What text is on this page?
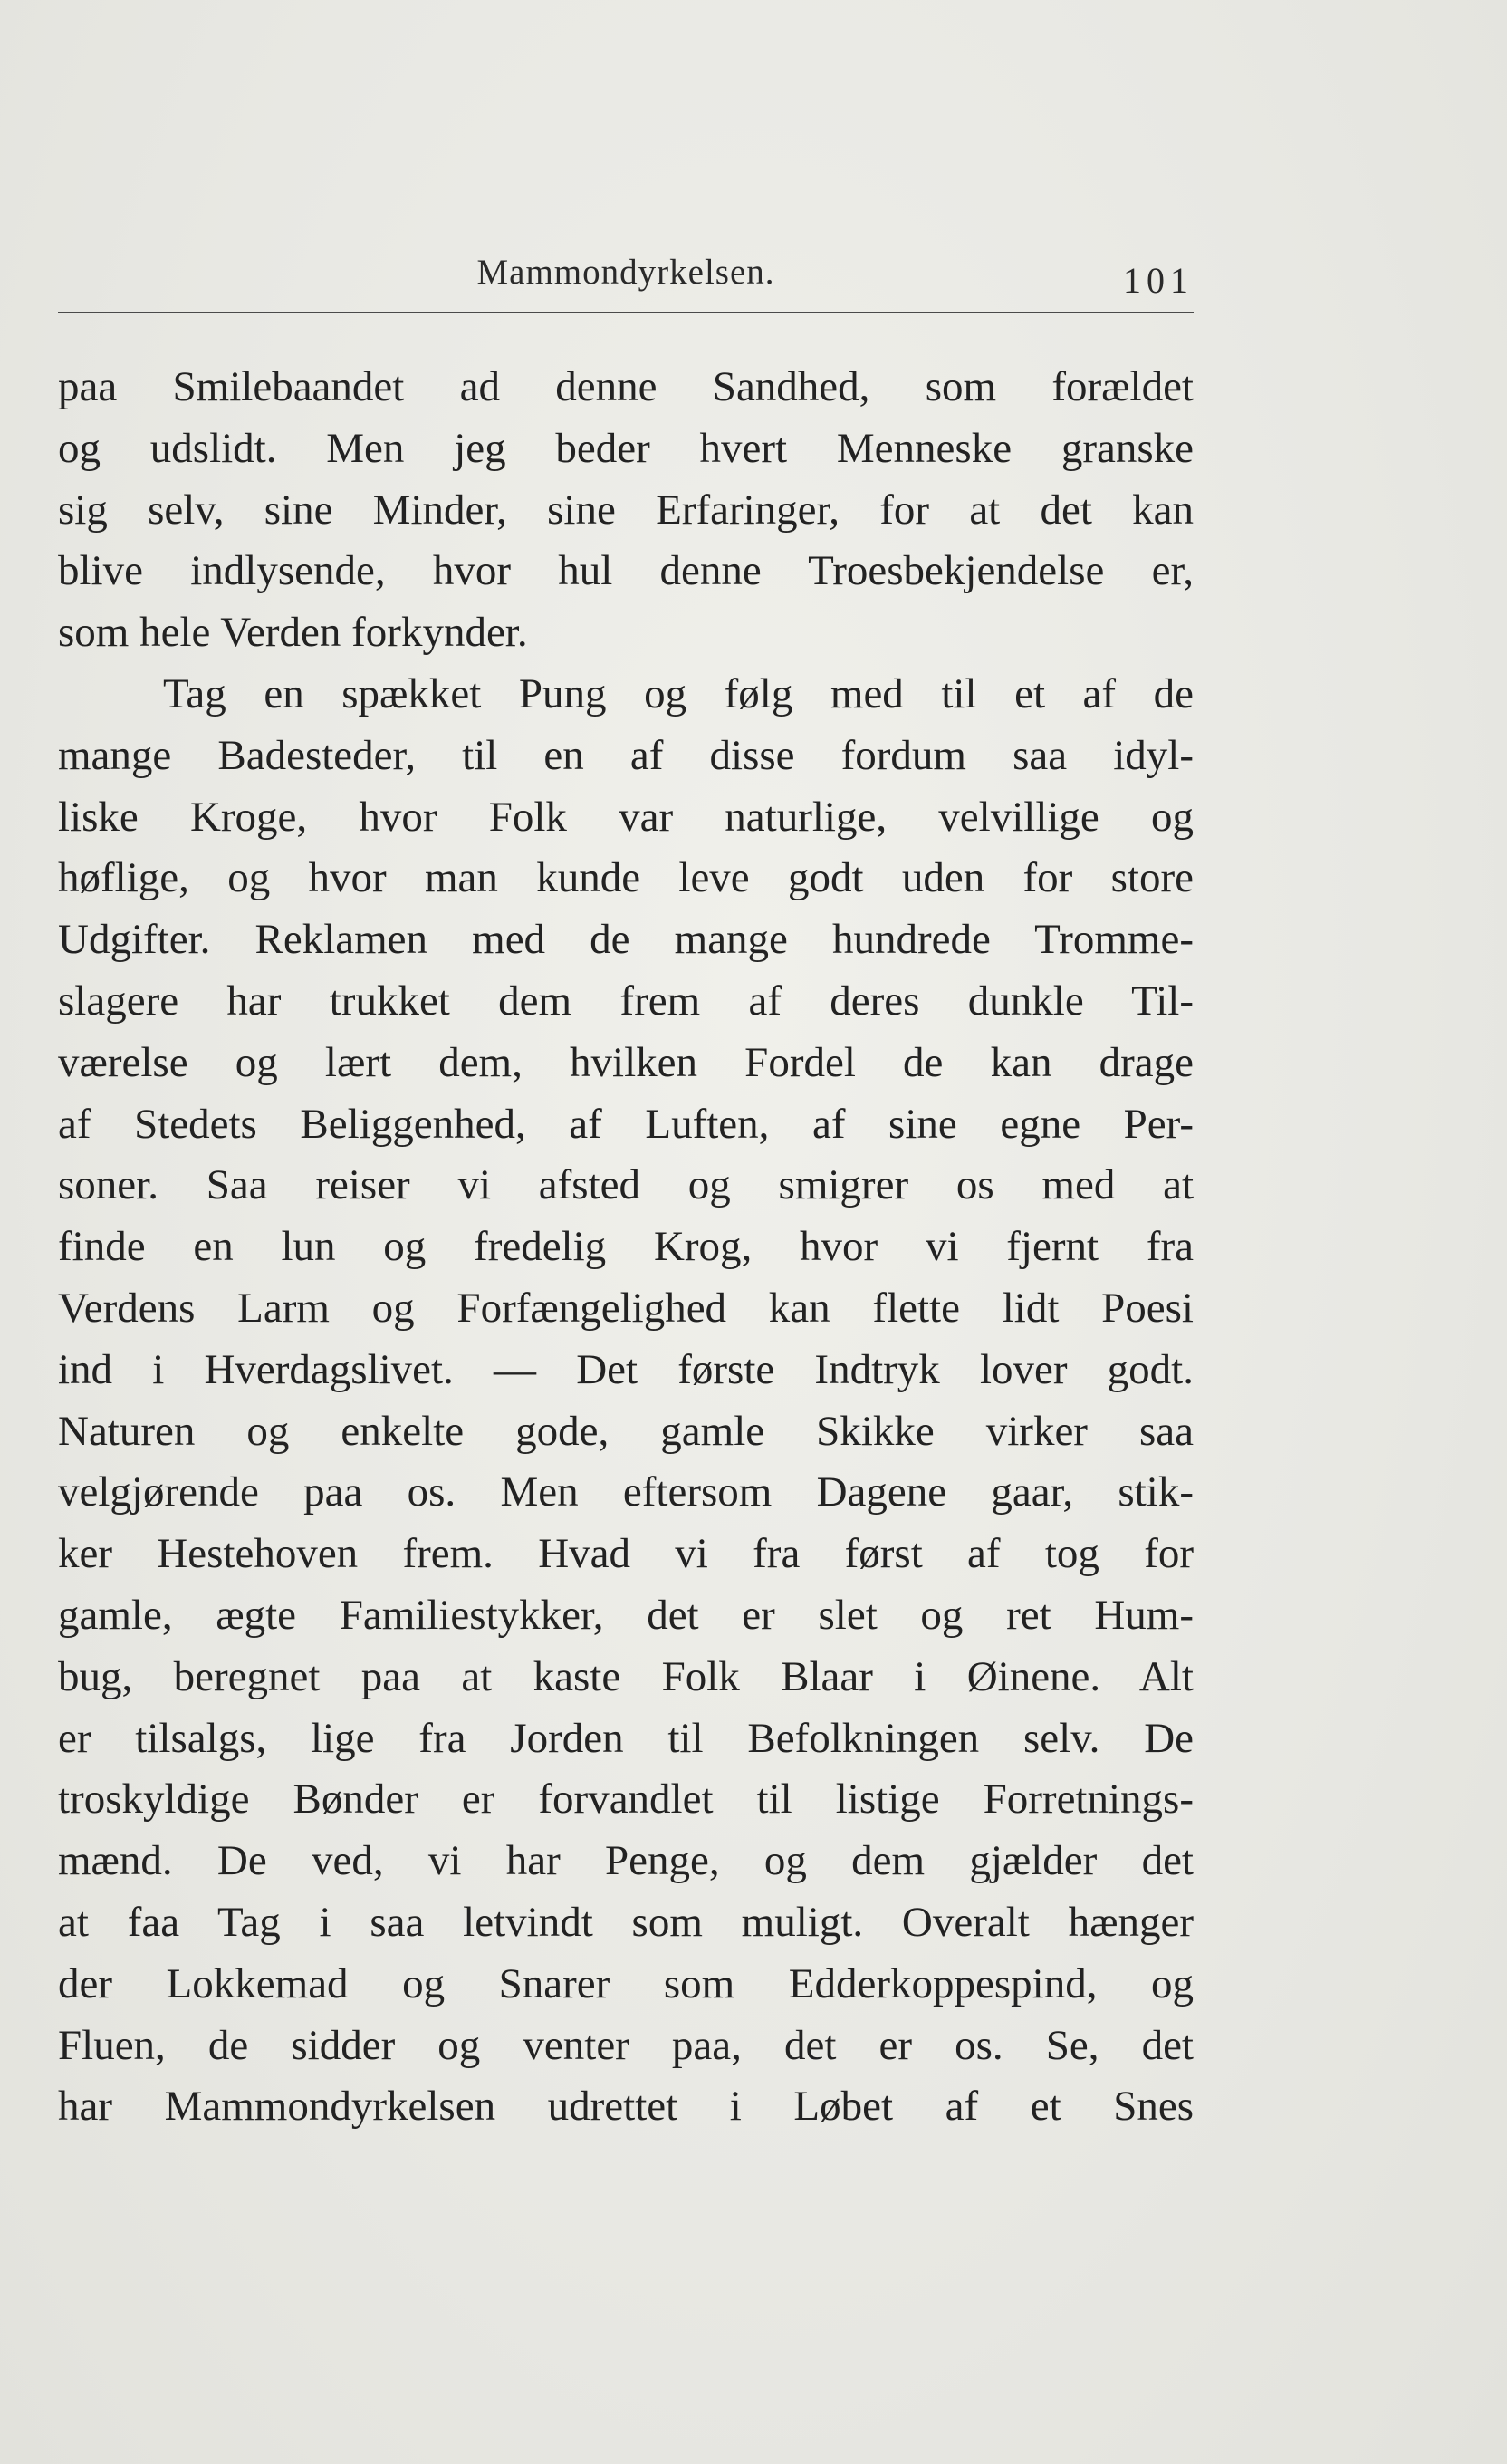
Mammondyrkelsen.	101
paa Smilebaandet ad denne Sandhed, som forældet
og udslidt. Men jeg beder hvert Menneske granske
sig selv, sine Minder, sine Erfaringer, for at det kan
blive indlysende, hvor hul denne Troesbekjendelse er,
som hele Verden forkynder.
Tag en spækket Pung og følg med til et af de
mange Badesteder, til en af disse fordum saa idyl-
liske Kroge, hvor Folk var naturlige, velvillige og
høflige, og hvor man kunde leve godt uden for store
Udgifter. Reklamen med de mange hundrede Tromme-
slagere har trukket dem frem af deres dunkle Til-
værelse og lært dem, hvilken Fordel de kan drage
af Stedets Beliggenhed, af Luften, af sine egne Per-
soner. Saa reiser vi afsted og smigrer os med at
finde en lun og fredelig Krog, hvor vi fjernt fra
Verdens Larm og Forfængelighed kan flette lidt Poesi
ind i Hverdagslivet. — Det første Indtryk lover godt.
Naturen og enkelte gode, gamle Skikke virker saa
velgjørende paa os. Men eftersom Dagene gaar, stik-
ker Hestehoven frem. Hvad vi fra først af tog for
gamle, ægte Familiestykker, det er slet og ret Hum-
bug, beregnet paa at kaste Folk Blaar i Øinene. Alt
er tilsalgs, lige fra Jorden til Befolkningen selv. De
troskyldige Bønder er forvandlet til listige Forretnings-
mænd. De ved, vi har Penge, og dem gjælder det
at faa Tag i saa letvindt som muligt. Overalt hænger
der Lokkemad og Snarer som Edderkoppespind, og
Fluen, de sidder og venter paa, det er os. Se, det
har Mammondyrkelsen udrettet i Løbet af et Snes
